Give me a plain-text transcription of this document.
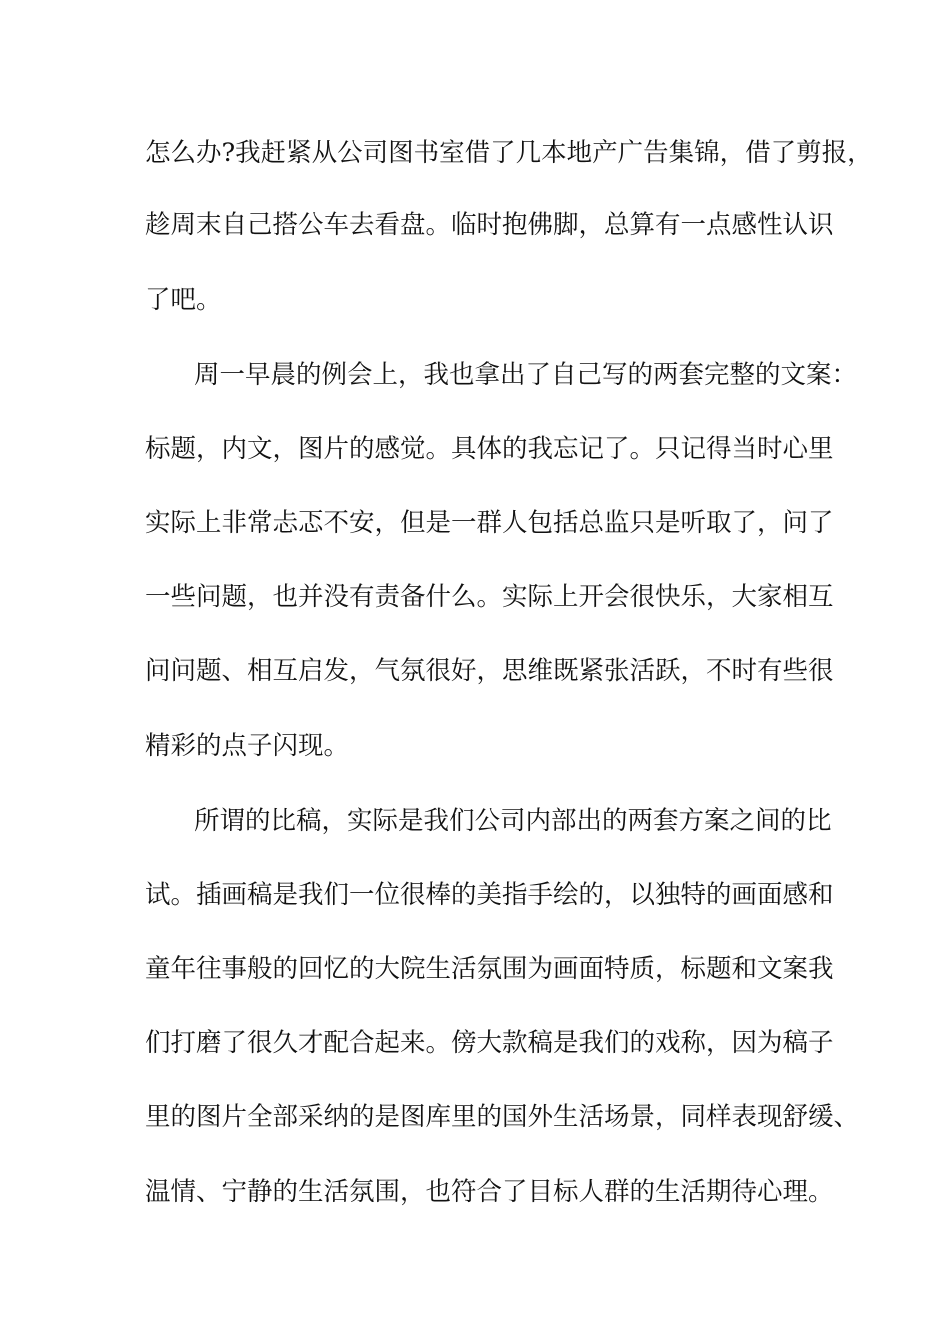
怎么办?我赶紧从公司图书室借了几本地产广告集锦，借了剪报，
趁周末自己搭公车去看盘。临时抱佛脚，总算有一点感性认识
了吧。
周一早晨的例会上，我也拿出了自己写的两套完整的文案：
标题，内文，图片的感觉。具体的我忘记了。只记得当时心里
实际上非常忐忑不安，但是一群人包括总监只是听取了，问了
一些问题，也并没有责备什么。实际上开会很快乐，大家相互
问问题、相互启发，气氛很好，思维既紧张活跃，不时有些很
精彩的点子闪现。
所谓的比稿，实际是我们公司内部出的两套方案之间的比
试。插画稿是我们一位很棒的美指手绘的，以独特的画面感和
童年往事般的回忆的大院生活氛围为画面特质，标题和文案我
们打磨了很久才配合起来。傍大款稿是我们的戏称，因为稿子
里的图片全部采纳的是图库里的国外生活场景，同样表现舒缓、
温情、宁静的生活氛围，也符合了目标人群的生活期待心理。
